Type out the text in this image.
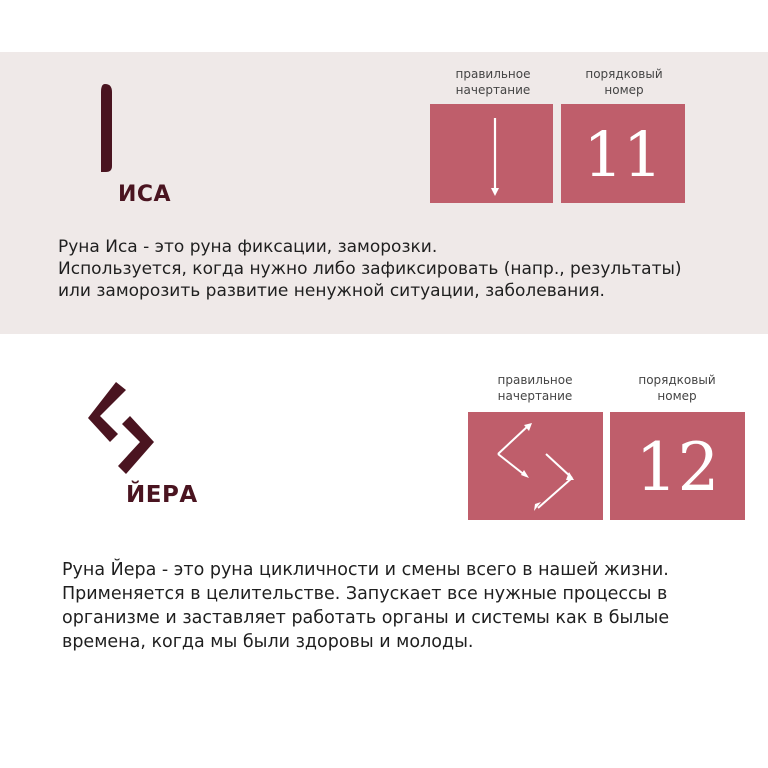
ИСА
правильное
начертание
порядковый
номер
11

Руна Иса - это руна фиксации, заморозки.
Используется, когда нужно либо зафиксировать (напр., результаты)
или заморозить развитие ненужной ситуации, заболевания.

ЙЕРА
правильное
начертание
порядковый
номер
12

Руна Йера - это руна цикличности и смены всего в нашей жизни.
Применяется в целительстве. Запускает все нужные процессы в
организме и заставляет работать органы и системы как в былые
времена, когда мы были здоровы и молоды.
